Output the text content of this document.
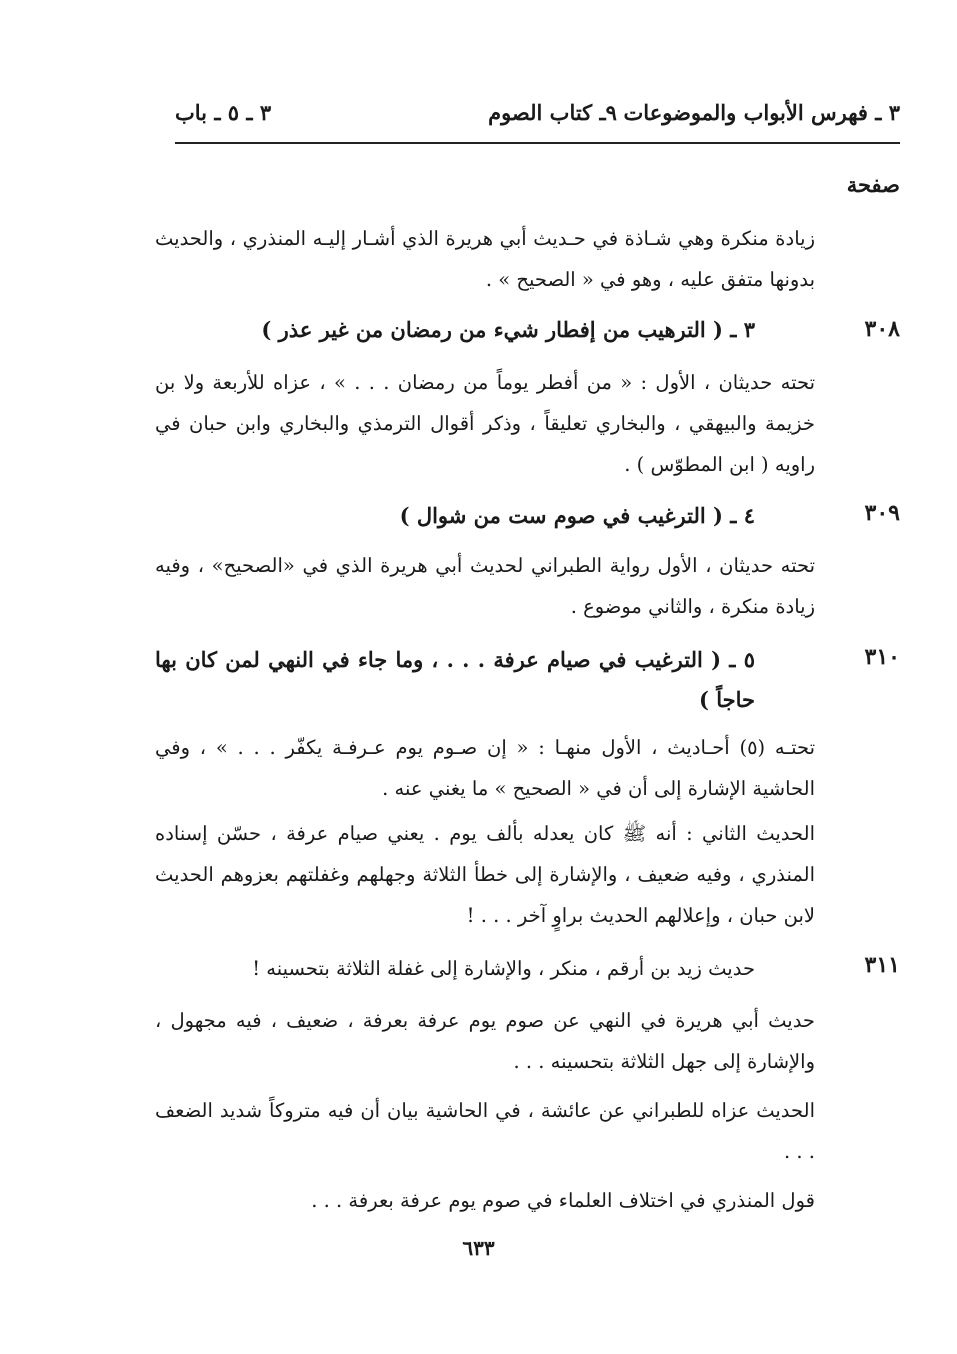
٣ ـ فهرس الأبواب والموضوعات
٩ـ كتاب الصوم
٣ ـ ٥ ـ باب
صفحة
زيادة منكرة وهي شـاذة في حـديث أبي هريرة الذي أشـار إليـه المنذري ، والحديث بدونها متفق عليه ، وهو في « الصحيح » .
٣٠٨
٣ ـ ( الترهيب من إفطار شيء من رمضان من غير عذر )
تحته حديثان ، الأول : « من أفطر يوماً من رمضان . . . » ، عزاه للأربعة ولا بن خزيمة والبيهقي ، والبخاري تعليقاً ، وذكر أقوال الترمذي والبخاري وابن حبان في راويه ( ابن المطوّس ) .
٣٠٩
٤ ـ ( الترغيب في صوم ست من شوال )
تحته حديثان ، الأول رواية الطبراني لحديث أبي هريرة الذي في «الصحيح» ، وفيه زيادة منكرة ، والثاني موضوع .
٣١٠
٥ ـ ( الترغيب في صيام عرفة . . . ، وما جاء في النهي لمن كان بها حاجاً )
تحتـه (٥) أحـاديث ، الأول منهـا : « إن صـوم يوم عـرفـة يكفّر . . . » ، وفي الحاشية الإشارة إلى أن في « الصحيح » ما يغني عنه .
الحديث الثاني : أنه ﷺ كان يعدله بألف يوم . يعني صيام عرفة ، حسّن إسناده المنذري ، وفيه ضعيف ، والإشارة إلى خطأ الثلاثة وجهلهم وغفلتهم بعزوهم الحديث لابن حبان ، وإعلالهم الحديث براوٍ آخر . . . !
٣١١
حديث زيد بن أرقم ، منكر ، والإشارة إلى غفلة الثلاثة بتحسينه !
حديث أبي هريرة في النهي عن صوم يوم عرفة بعرفة ، ضعيف ، فيه مجهول ، والإشارة إلى جهل الثلاثة بتحسينه . . .
الحديث عزاه للطبراني عن عائشة ، في الحاشية بيان أن فيه متروكاً شديد الضعف . . .
قول المنذري في اختلاف العلماء في صوم يوم عرفة بعرفة . . .
٦٣٣
